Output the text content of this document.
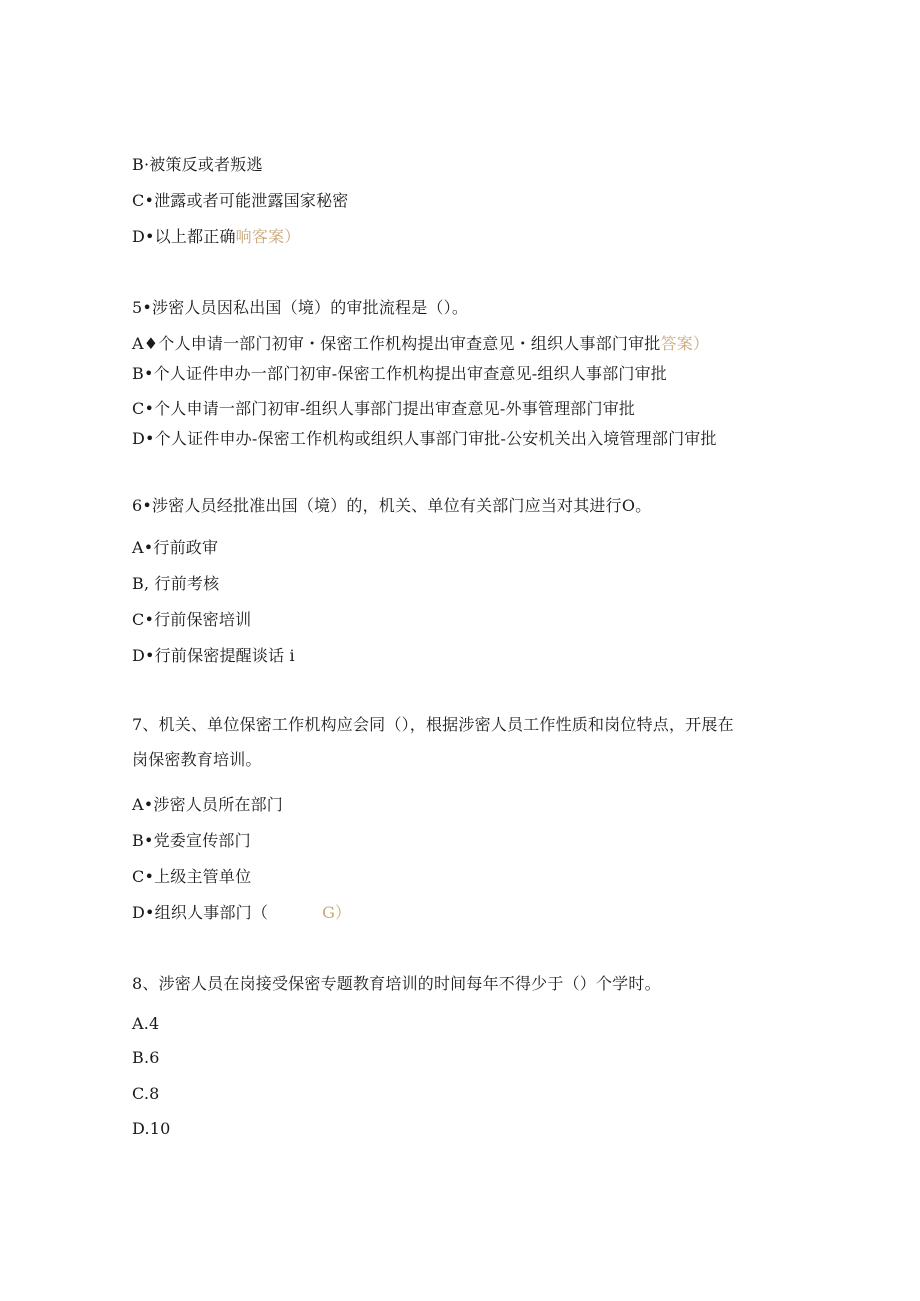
B·被策反或者叛逃
C•泄露或者可能泄露国家秘密
D•以上都正确响客案）
5•涉密人员因私出国（境）的审批流程是（）。
A♦个人申请一部门初审・保密工作机构提出审查意见・组织人事部门审批答案）
B•个人证件申办一部门初审-保密工作机构提出审查意见-组织人事部门审批
C•个人申请一部门初审-组织人事部门提出审查意见-外事管理部门审批
D•个人证件申办-保密工作机构或组织人事部门审批-公安机关出入境管理部门审批
6•涉密人员经批准出国（境）的，机关、单位有关部门应当对其进行O。
A•行前政审
B, 行前考核
C•行前保密培训
D•行前保密提醒谈话 i
7、机关、单位保密工作机构应会同（），根据涉密人员工作性质和岗位特点，开展在
岗保密教育培训。
A•涉密人员所在部门
B•党委宣传部门
C•上级主管单位
D•组织人事部门（	G）
8、涉密人员在岗接受保密专题教育培训的时间每年不得少于（）个学时。
A.4
B.6
C.8
D.10
